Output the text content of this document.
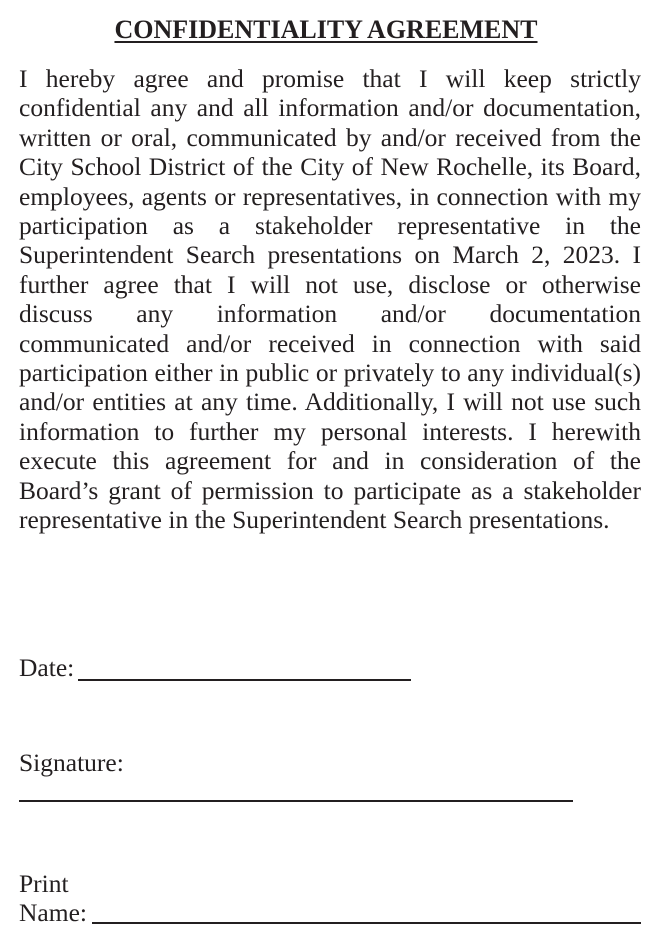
CONFIDENTIALITY AGREEMENT

I hereby agree and promise that I will keep strictly confidential any and all information and/or documentation, written or oral, communicated by and/or received from the City School District of the City of New Rochelle, its Board, employees, agents or representatives, in connection with my participation as a stakeholder representative in the Superintendent Search presentations on March 2, 2023. I further agree that I will not use, disclose or otherwise discuss any information and/or documentation communicated and/or received in connection with said participation either in public or privately to any individual(s) and/or entities at any time. Additionally, I will not use such information to further my personal interests. I herewith execute this agreement for and in consideration of the Board’s grant of permission to participate as a stakeholder representative in the Superintendent Search presentations.

Date:
Signature:
Print
Name:
